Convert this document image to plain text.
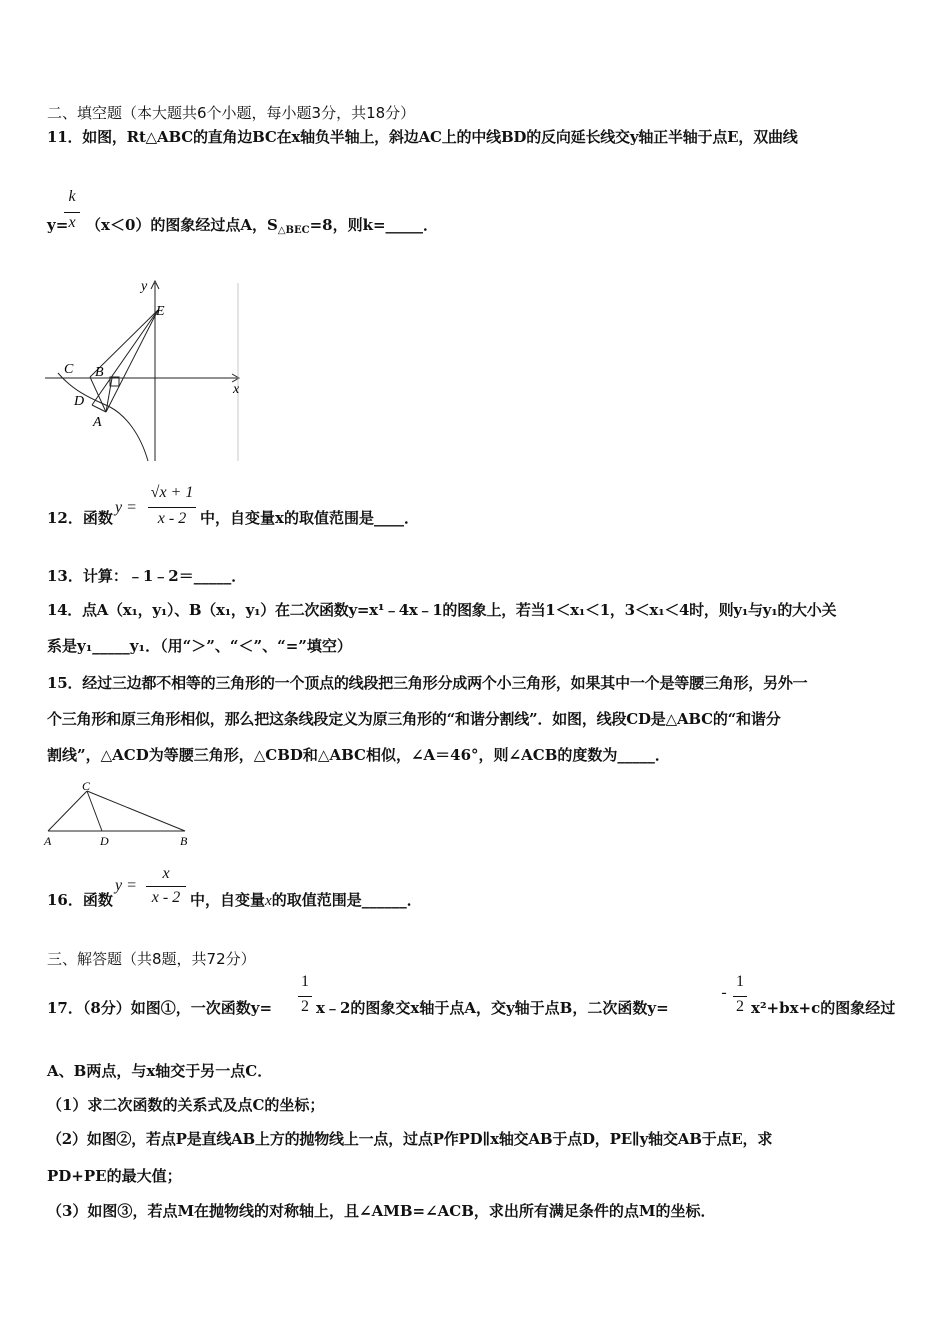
二、填空题（本大题共6个小题，每小题3分，共18分）
11．如图，Rt△ABC的直角边BC在x轴负半轴上，斜边AC上的中线BD的反向延长线交y轴正半轴于点E，双曲线
y=
k
x （x＜0）的图象经过点A，$S_{\triangle BEC}=8$，则k=_____．
y
x
E
C B
D
A
12．函数
y =
√x + 1
x - 2 中，自变量x的取值范围是____．
13．计算：﹣1﹣2＝_____．
14．点A（x₁，y₁）、B（x₁，y₁）在二次函数y=x¹﹣4x﹣1的图象上，若当1＜x₁＜1，3＜x₁＜4时，则y₁与y₁的大小关
系是y₁_____y₁．（用“＞”、“＜”、“=”填空）
15．经过三边都不相等的三角形的一个顶点的线段把三角形分成两个小三角形，如果其中一个是等腰三角形，另外一
个三角形和原三角形相似，那么把这条线段定义为原三角形的“和谐分割线”．如图，线段CD是△ABC的“和谐分
割线”，△ACD为等腰三角形，△CBD和△ABC相似，∠A＝46°，则∠ACB的度数为_____．
C
A	D	B
16．函数
y =
x
x - 2 中，自变量x的取值范围是______．
三、解答题（共8题，共72分）
17．（8分）如图①，一次函数y=
1
2 x﹣2的图象交x轴于点A，交y轴于点B，二次函数y=
-
1
2 x²+bx+c的图象经过
A、B两点，与x轴交于另一点C．
（1）求二次函数的关系式及点C的坐标；
（2）如图②，若点P是直线AB上方的抛物线上一点，过点P作PD∥x轴交AB于点D，PE∥y轴交AB于点E，求
PD+PE的最大值；
（3）如图③，若点M在抛物线的对称轴上，且∠AMB=∠ACB，求出所有满足条件的点M的坐标．
